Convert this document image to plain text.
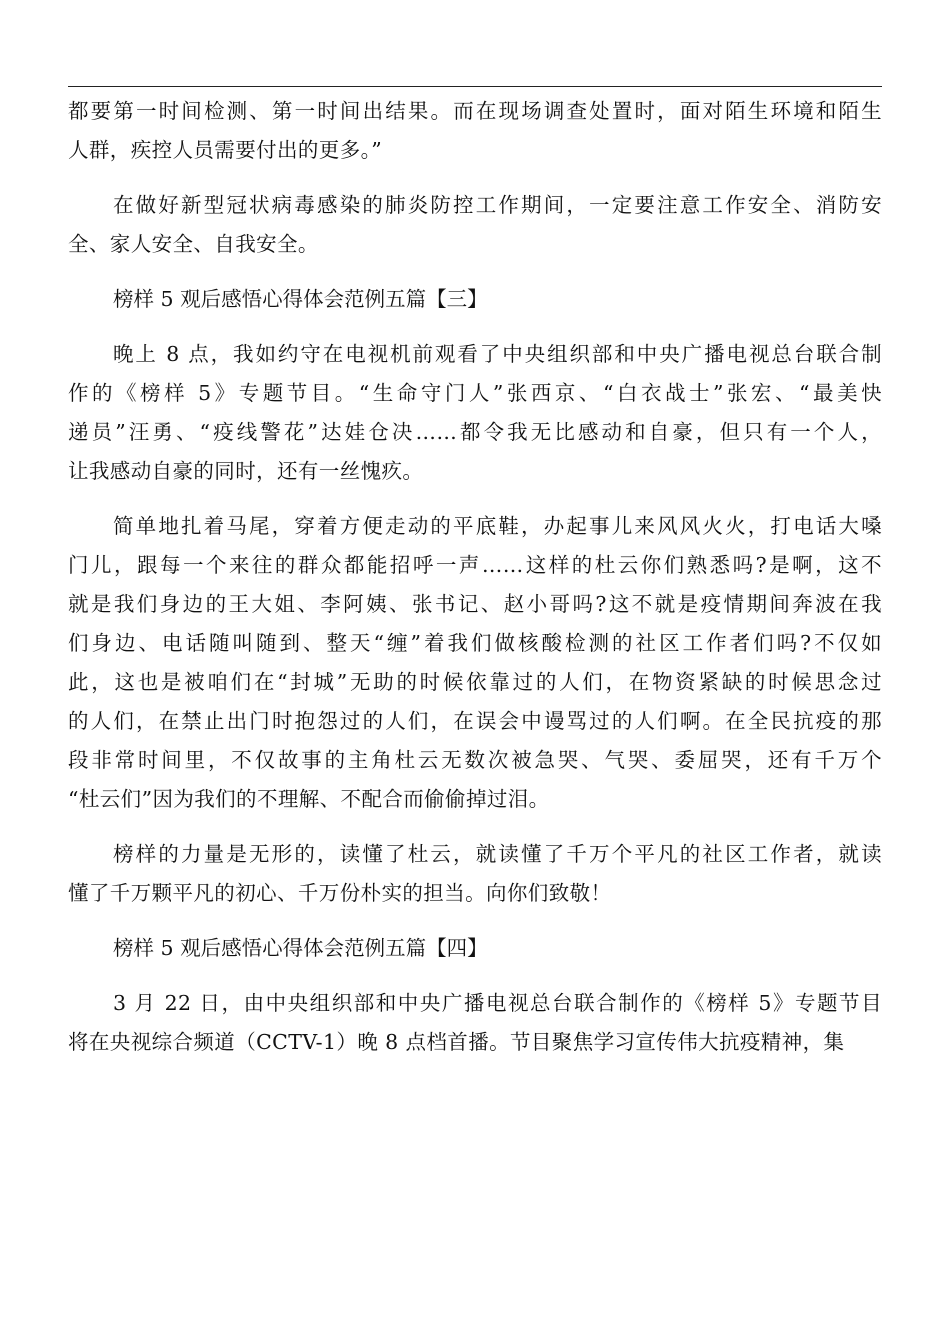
都要第一时间检测、第一时间出结果。而在现场调查处置时，面对陌生环境和陌生
人群，疾控人员需要付出的更多。”
在做好新型冠状病毒感染的肺炎防控工作期间，一定要注意工作安全、消防安
全、家人安全、自我安全。
榜样 5 观后感悟心得体会范例五篇【三】
晚上 8 点，我如约守在电视机前观看了中央组织部和中央广播电视总台联合制
作的《榜样 5》专题节目。“生命守门人”张西京、“白衣战士”张宏、“最美快
递员”汪勇、“疫线警花”达娃仓决……都令我无比感动和自豪，但只有一个人，
让我感动自豪的同时，还有一丝愧疚。
简单地扎着马尾，穿着方便走动的平底鞋，办起事儿来风风火火，打电话大嗓
门儿，跟每一个来往的群众都能招呼一声……这样的杜云你们熟悉吗?是啊，这不
就是我们身边的王大姐、李阿姨、张书记、赵小哥吗?这不就是疫情期间奔波在我
们身边、电话随叫随到、整天“缠”着我们做核酸检测的社区工作者们吗?不仅如
此，这也是被咱们在“封城”无助的时候依靠过的人们，在物资紧缺的时候思念过
的人们，在禁止出门时抱怨过的人们，在误会中谩骂过的人们啊。在全民抗疫的那
段非常时间里，不仅故事的主角杜云无数次被急哭、气哭、委屈哭，还有千万个
“杜云们”因为我们的不理解、不配合而偷偷掉过泪。
榜样的力量是无形的，读懂了杜云，就读懂了千万个平凡的社区工作者，就读
懂了千万颗平凡的初心、千万份朴实的担当。向你们致敬！
榜样 5 观后感悟心得体会范例五篇【四】
3 月 22 日，由中央组织部和中央广播电视总台联合制作的《榜样 5》专题节目
将在央视综合频道（CCTV-1）晚 8 点档首播。节目聚焦学习宣传伟大抗疫精神，集
